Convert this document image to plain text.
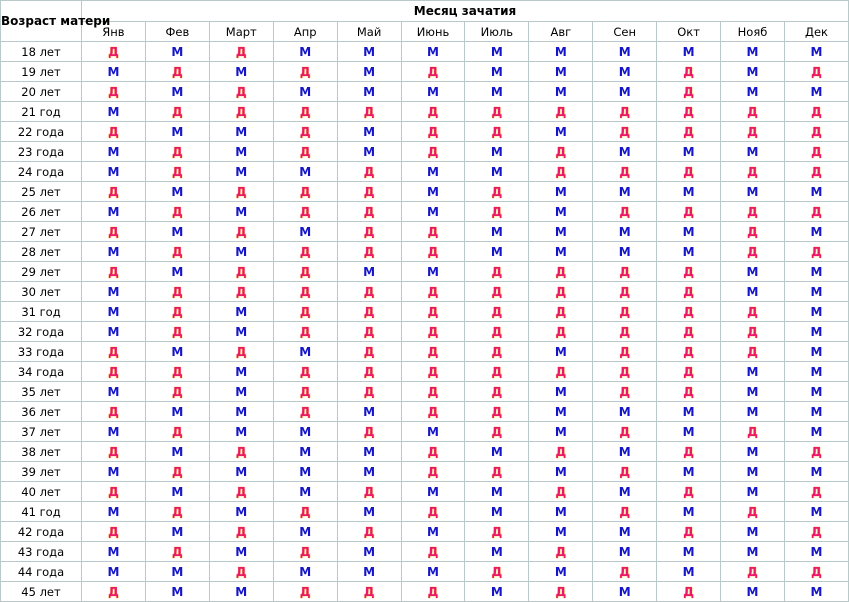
Возраст матери	Месяц зачатия											
	Янв	Фев	Март	Апр	Май	Июнь	Июль	Авг	Сен	Окт	Нояб	Дек
18 лет	Д	М	Д	М	М	М	М	М	М	М	М	М
19 лет	М	Д	М	Д	М	Д	М	М	М	Д	М	Д
20 лет	Д	М	Д	М	М	М	М	М	М	Д	М	М
21 год	М	Д	Д	Д	Д	Д	Д	Д	Д	Д	Д	Д
22 года	Д	М	М	Д	М	Д	Д	М	Д	Д	Д	Д
23 года	М	Д	М	Д	М	Д	М	Д	М	М	М	Д
24 года	М	Д	М	М	Д	М	М	Д	Д	Д	Д	Д
25 лет	Д	М	Д	Д	Д	М	Д	М	М	М	М	М
26 лет	М	Д	М	Д	Д	М	Д	М	Д	Д	Д	Д
27 лет	Д	М	Д	М	Д	Д	М	М	М	М	Д	М
28 лет	М	Д	М	Д	Д	Д	М	М	М	М	Д	Д
29 лет	Д	М	Д	Д	М	М	Д	Д	Д	Д	М	М
30 лет	М	Д	Д	Д	Д	Д	Д	Д	Д	Д	М	М
31 год	М	Д	М	Д	Д	Д	Д	Д	Д	Д	Д	М
32 года	М	Д	М	Д	Д	Д	Д	Д	Д	Д	Д	М
33 года	Д	М	Д	М	Д	Д	Д	М	Д	Д	Д	М
34 года	Д	Д	М	Д	Д	Д	Д	Д	Д	Д	М	М
35 лет	М	Д	М	Д	Д	Д	Д	М	Д	Д	М	М
36 лет	Д	М	М	Д	М	Д	Д	М	М	М	М	М
37 лет	М	Д	М	М	Д	М	Д	М	Д	М	Д	М
38 лет	Д	М	Д	М	М	Д	М	Д	М	Д	М	Д
39 лет	М	Д	М	М	М	Д	Д	М	Д	М	М	М
40 лет	Д	М	Д	М	Д	М	М	Д	М	Д	М	Д
41 год	М	Д	М	Д	М	Д	М	М	Д	М	Д	М
42 года	Д	М	Д	М	Д	М	Д	М	М	Д	М	Д
43 года	М	Д	М	Д	М	Д	М	Д	М	М	М	М
44 года	М	М	Д	М	М	М	Д	М	Д	М	Д	Д
45 лет	Д	М	М	Д	Д	Д	М	Д	М	Д	М	М
